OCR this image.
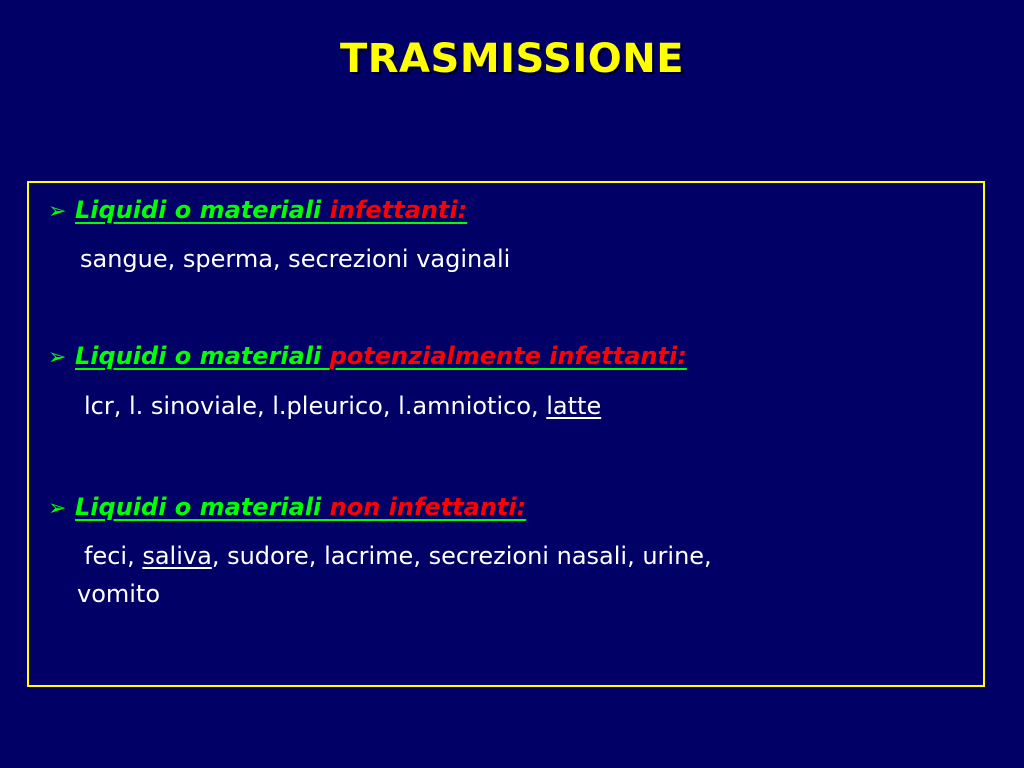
TRASMISSIONE
➢ Liquidi o materiali infettanti:
sangue, sperma, secrezioni vaginali
➢ Liquidi o materiali potenzialmente infettanti:
lcr, l. sinoviale, l.pleurico, l.amniotico, latte
➢ Liquidi o materiali non infettanti:
feci, saliva, sudore, lacrime, secrezioni nasali, urine,
vomito
